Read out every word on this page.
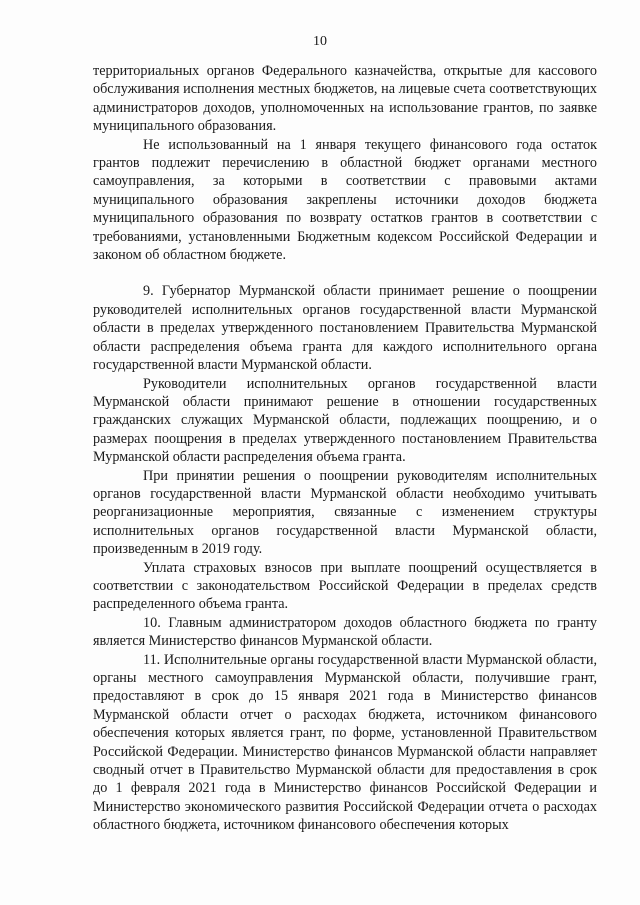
10

территориальных органов Федерального казначейства, открытые для кассового обслуживания исполнения местных бюджетов, на лицевые счета соответствующих администраторов доходов, уполномоченных на использование грантов, по заявке муниципального образования.

Не использованный на 1 января текущего финансового года остаток грантов подлежит перечислению в областной бюджет органами местного самоуправления, за которыми в соответствии с правовыми актами муниципального образования закреплены источники доходов бюджета муниципального образования по возврату остатков грантов в соответствии с требованиями, установленными Бюджетным кодексом Российской Федерации и законом об областном бюджете.

9. Губернатор Мурманской области принимает решение о поощрении руководителей исполнительных органов государственной власти Мурманской области в пределах утвержденного постановлением Правительства Мурманской области распределения объема гранта для каждого исполнительного органа государственной власти Мурманской области.

Руководители исполнительных органов государственной власти Мурманской области принимают решение в отношении государственных гражданских служащих Мурманской области, подлежащих поощрению, и о размерах поощрения в пределах утвержденного постановлением Правительства Мурманской области распределения объема гранта.

При принятии решения о поощрении руководителям исполнительных органов государственной власти Мурманской области необходимо учитывать реорганизационные мероприятия, связанные с изменением структуры исполнительных органов государственной власти Мурманской области, произведенным в 2019 году.

Уплата страховых взносов при выплате поощрений осуществляется в соответствии с законодательством Российской Федерации в пределах средств распределенного объема гранта.

10. Главным администратором доходов областного бюджета по гранту является Министерство финансов Мурманской области.

11. Исполнительные органы государственной власти Мурманской области, органы местного самоуправления Мурманской области, получившие грант, предоставляют в срок до 15 января 2021 года в Министерство финансов Мурманской области отчет о расходах бюджета, источником финансового обеспечения которых является грант, по форме, установленной Правительством Российской Федерации. Министерство финансов Мурманской области направляет сводный отчет в Правительство Мурманской области для предоставления в срок до 1 февраля 2021 года в Министерство финансов Российской Федерации и Министерство экономического развития Российской Федерации отчета о расходах областного бюджета, источником финансового обеспечения которых
